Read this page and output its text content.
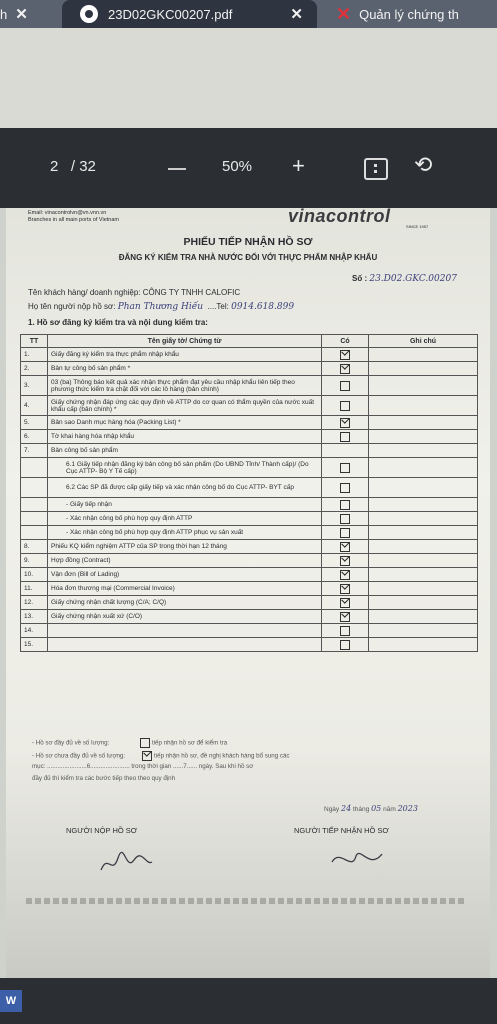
h ✕	23D02GKC00207.pdf	✕ ✕ Quản lý chứng th
2 / 32	50% +	⟲
Email: vinacontrolvn@vn.vnn.vn
Branches in all main ports of Vietnam	vinacontrol
SINCE 1957
PHIẾU TIẾP NHẬN HỒ SƠ
ĐĂNG KÝ KIỂM TRA NHÀ NƯỚC ĐỐI VỚI THỰC PHẨM NHẬP KHẨU
Số : 23.D02.GKC.00207
Tên khách hàng/ doanh nghiệp: CÔNG TY TNHH CALOFIC
Họ tên người nộp hồ sơ: Phan Thương Hiếu  ....Tel: 0914.618.899
1. Hồ sơ đăng ký kiểm tra và nội dung kiểm tra:
TT	Tên giấy tờ/ Chứng từ	Có	Ghi chú
1.	Giấy đăng ký kiểm tra thực phẩm nhập khẩu		
2.	Bản tự công bố sản phẩm *		
3.	03 (ba) Thông báo kết quả xác nhận thực phẩm đạt yêu cầu nhập khẩu liên tiếp theo phương thức kiểm tra chặt đối với các lô hàng (bản chính)		
4.	Giấy chứng nhận đáp ứng các quy định về ATTP do cơ quan có thẩm quyền của nước xuất khẩu cấp (bản chính) *		
5.	Bản sao Danh mục hàng hóa (Packing List) *		
6.	Tờ khai hàng hóa nhập khẩu		
7.	Bản công bố sản phẩm		
	6.1 Giấy tiếp nhận đăng ký bản công bố sản phẩm (Do UBND Tỉnh/ Thành cấp)/ (Do Cục ATTP- Bộ Y Tế cấp)		
	6.2 Các SP đã được cấp giấy tiếp và xác nhận công bố do Cục ATTP- BYT cấp		
	- Giấy tiếp nhận		
	- Xác nhận công bố phù hợp quy định ATTP		
	- Xác nhận công bố phù hợp quy định ATTP phục vụ sản xuất		
8.	Phiếu KQ kiểm nghiệm ATTP của SP trong thời hạn 12 tháng		
9.	Hợp đồng (Contract)		
10.	Vận đơn (Bill of Lading)		
11.	Hóa đơn thương mại (Commercial Invoice)		
12.	Giấy chứng nhận chất lượng (C/A; C/Q)		
13.	Giấy chứng nhận xuất xứ (C/O)		
14.			
15.			
- Hồ sơ đầy đủ về số lượng:	tiếp nhận hồ sơ để kiểm tra
- Hồ sơ chưa đầy đủ về số lượng:	tiếp nhận hồ sơ, đề nghị khách hàng bổ sung các
mục: .......................6....................... trong thời gian ......7...... ngày. Sau khi hồ sơ
đầy đủ thì kiểm tra các bước tiếp theo theo quy định
Ngày 24 tháng 05 năm 2023
NGƯỜI NỘP HỒ SƠ	NGƯỜI TIẾP NHẬN HỒ SƠ
W
